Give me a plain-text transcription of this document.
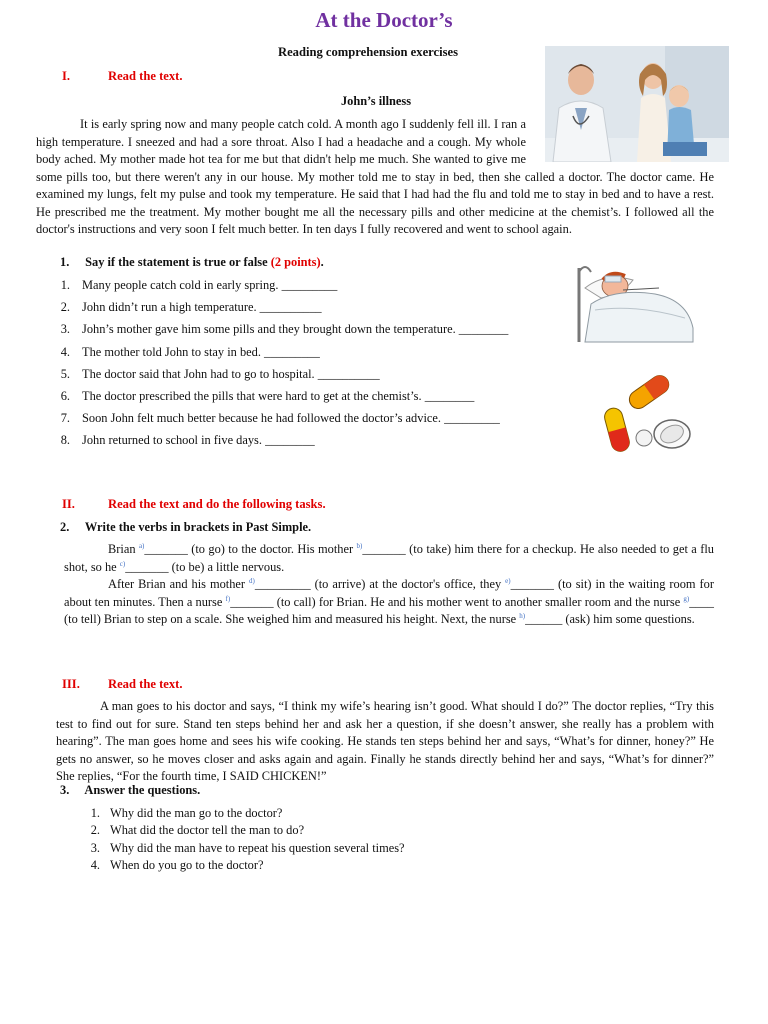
At the Doctor’s
Reading comprehension exercises
I.	Read the text.
John’s illness

It is early spring now and many people catch cold. A month ago I suddenly fell ill. I ran a high temperature. I sneezed and had a sore throat. Also I had a headache and a cough. My whole body ached. My mother made hot tea for me but that didn't help me much. She wanted to give me some pills too, but there weren't any in our house. My mother told me to stay in bed, then she called a doctor. The doctor came. He examined my lungs, felt my pulse and took my temperature. He said that I had had the flu and told me to stay in bed and to have a rest. He prescribed me the treatment. My mother bought me all the necessary pills and other medicine at the chemist’s. I followed all the doctor's instructions and very soon I felt much better. In ten days I fully recovered and went to school again.

1. Say if the statement is true or false (2 points).
1. Many people catch cold in early spring. _________
2. John didn’t run a high temperature. __________
3. John’s mother gave him some pills and they brought down the temperature. ________
4. The mother told John to stay in bed. _________
5. The doctor said that John had to go to hospital. __________
6. The doctor prescribed the pills that were hard to get at the chemist’s. ________
7. Soon John felt much better because he had followed the doctor’s advice. _________
8. John returned to school in five days. ________
II.	Read the text and do the following tasks.
2. Write the verbs in brackets in Past Simple.

Brian $^{a)}$_______ (to go) to the doctor. His mother $^{b)}$_______ (to take) him there for a checkup. He also needed to get a flu shot, so he $^{c)}$_______ (to be) a little nervous.

After Brian and his mother $^{d)}$_________ (to arrive) at the doctor's office, they $^{e)}$_______ (to sit) in the waiting room for about ten minutes. Then a nurse $^{f)}$_______ (to call) for Brian. He and his mother went to another smaller room and the nurse $^{g)}$____ (to tell) Brian to step on a scale. She weighed him and measured his height. Next, the nurse $^{h)}$______ (ask) him some questions.

III. Read the text.

A man goes to his doctor and says, “I think my wife’s hearing isn’t good. What should I do?” The doctor replies, “Try this test to find out for sure. Stand ten steps behind her and ask her a question, if she doesn’t answer, she really has a problem with hearing”. The man goes home and sees his wife cooking. He stands ten steps behind her and says, “What’s for dinner, honey?” He gets no answer, so he moves closer and asks again and again. Finally he stands directly behind her and says, “What’s for dinner?” She replies, “For the fourth time, I SAID CHICKEN!”

3. Answer the questions.
1. Why did the man go to the doctor?
2. What did the doctor tell the man to do?
3. Why did the man have to repeat his question several times?
4. When do you go to the doctor?
